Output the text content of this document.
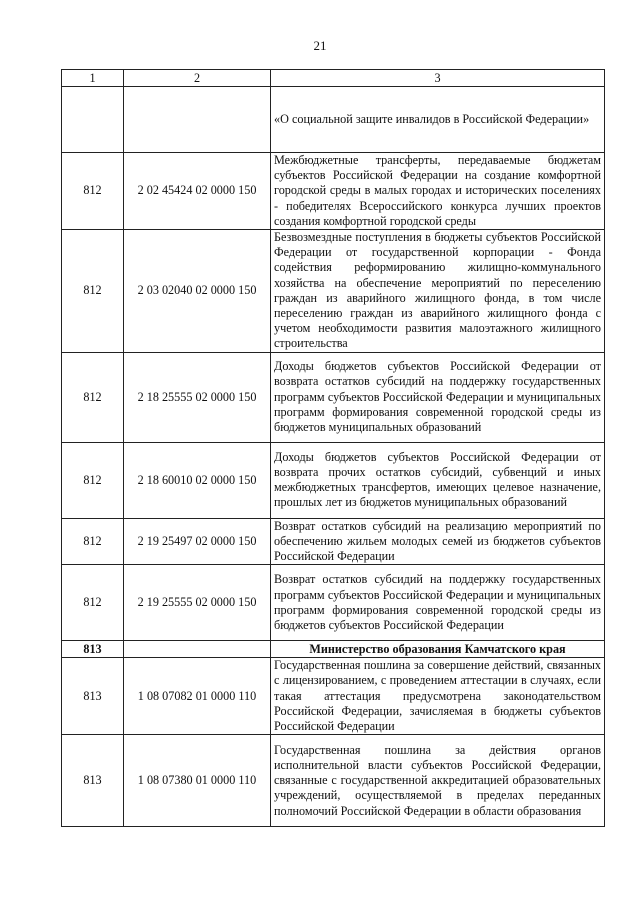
21
1	2	3
		«О социальной защите инвалидов в Российской Федерации»
812	2 02 45424 02 0000 150	Межбюджетные трансферты, передаваемые бюджетам субъектов Российской Федерации на создание комфортной городской среды в малых городах и исторических поселениях - победителях Всероссийского конкурса лучших проектов создания комфортной городской среды
812	2 03 02040 02 0000 150	Безвозмездные поступления в бюджеты субъектов Российской Федерации от государственной корпорации - Фонда содействия реформированию жилищно-коммунального хозяйства на обеспечение мероприятий по переселению граждан из аварийного жилищного фонда, в том числе переселению граждан из аварийного жилищного фонда с учетом необходимости развития малоэтажного жилищного строительства
812	2 18 25555 02 0000 150	Доходы бюджетов субъектов Российской Федерации от возврата остатков субсидий на поддержку государственных программ субъектов Российской Федерации и муниципальных программ формирования современной городской среды из бюджетов муниципальных образований
812	2 18 60010 02 0000 150	Доходы бюджетов субъектов Российской Федерации от возврата прочих остатков субсидий, субвенций и иных межбюджетных трансфертов, имеющих целевое назначение, прошлых лет из бюджетов муниципальных образований
812	2 19 25497 02 0000 150	Возврат остатков субсидий на реализацию мероприятий по обеспечению жильем молодых семей из бюджетов субъектов Российской Федерации
812	2 19 25555 02 0000 150	Возврат остатков субсидий на поддержку государственных программ субъектов Российской Федерации и муниципальных программ формирования современной городской среды из бюджетов субъектов Российской Федерации
813		Министерство образования Камчатского края
813	1 08 07082 01 0000 110	Государственная пошлина за совершение действий, связанных с лицензированием, с проведением аттестации в случаях, если такая аттестация предусмотрена законодательством Российской Федерации, зачисляемая в бюджеты субъектов Российской Федерации
813	1 08 07380 01 0000 110	Государственная пошлина за действия органов исполнительной власти субъектов Российской Федерации, связанные с государственной аккредитацией образовательных учреждений, осуществляемой в пределах переданных полномочий Российской Федерации в области образования
